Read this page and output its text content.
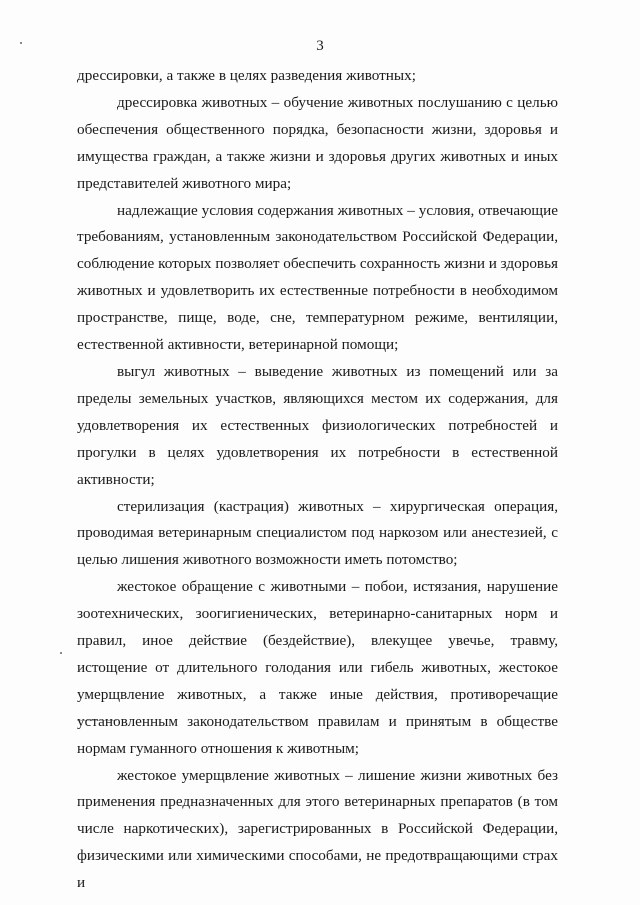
3

дрессировки, а также в целях разведения животных;

дрессировка животных – обучение животных послушанию с целью обеспечения общественного порядка, безопасности жизни, здоровья и имущества граждан, а также жизни и здоровья других животных и иных представителей животного мира;

надлежащие условия содержания животных – условия, отвечающие требованиям, установленным законодательством Российской Федерации, соблюдение которых позволяет обеспечить сохранность жизни и здоровья животных и удовлетворить их естественные потребности в необходимом пространстве, пище, воде, сне, температурном режиме, вентиляции, естественной активности, ветеринарной помощи;

выгул животных – выведение животных из помещений или за пределы земельных участков, являющихся местом их содержания, для удовлетворения их естественных физиологических потребностей и прогулки в целях удовлетворения их потребности в естественной активности;

стерилизация (кастрация) животных – хирургическая операция, проводимая ветеринарным специалистом под наркозом или анестезией, с целью лишения животного возможности иметь потомство;

жестокое обращение с животными – побои, истязания, нарушение зоотехнических, зоогигиенических, ветеринарно-санитарных норм и правил, иное действие (бездействие), влекущее увечье, травму, истощение от длительного голодания или гибель животных, жестокое умерщвление животных, а также иные действия, противоречащие установленным законодательством правилам и принятым в обществе нормам гуманного отношения к животным;

жестокое умерщвление животных – лишение жизни животных без применения предназначенных для этого ветеринарных препаратов (в том числе наркотических), зарегистрированных в Российской Федерации, физическими или химическими способами, не предотвращающими страх и
